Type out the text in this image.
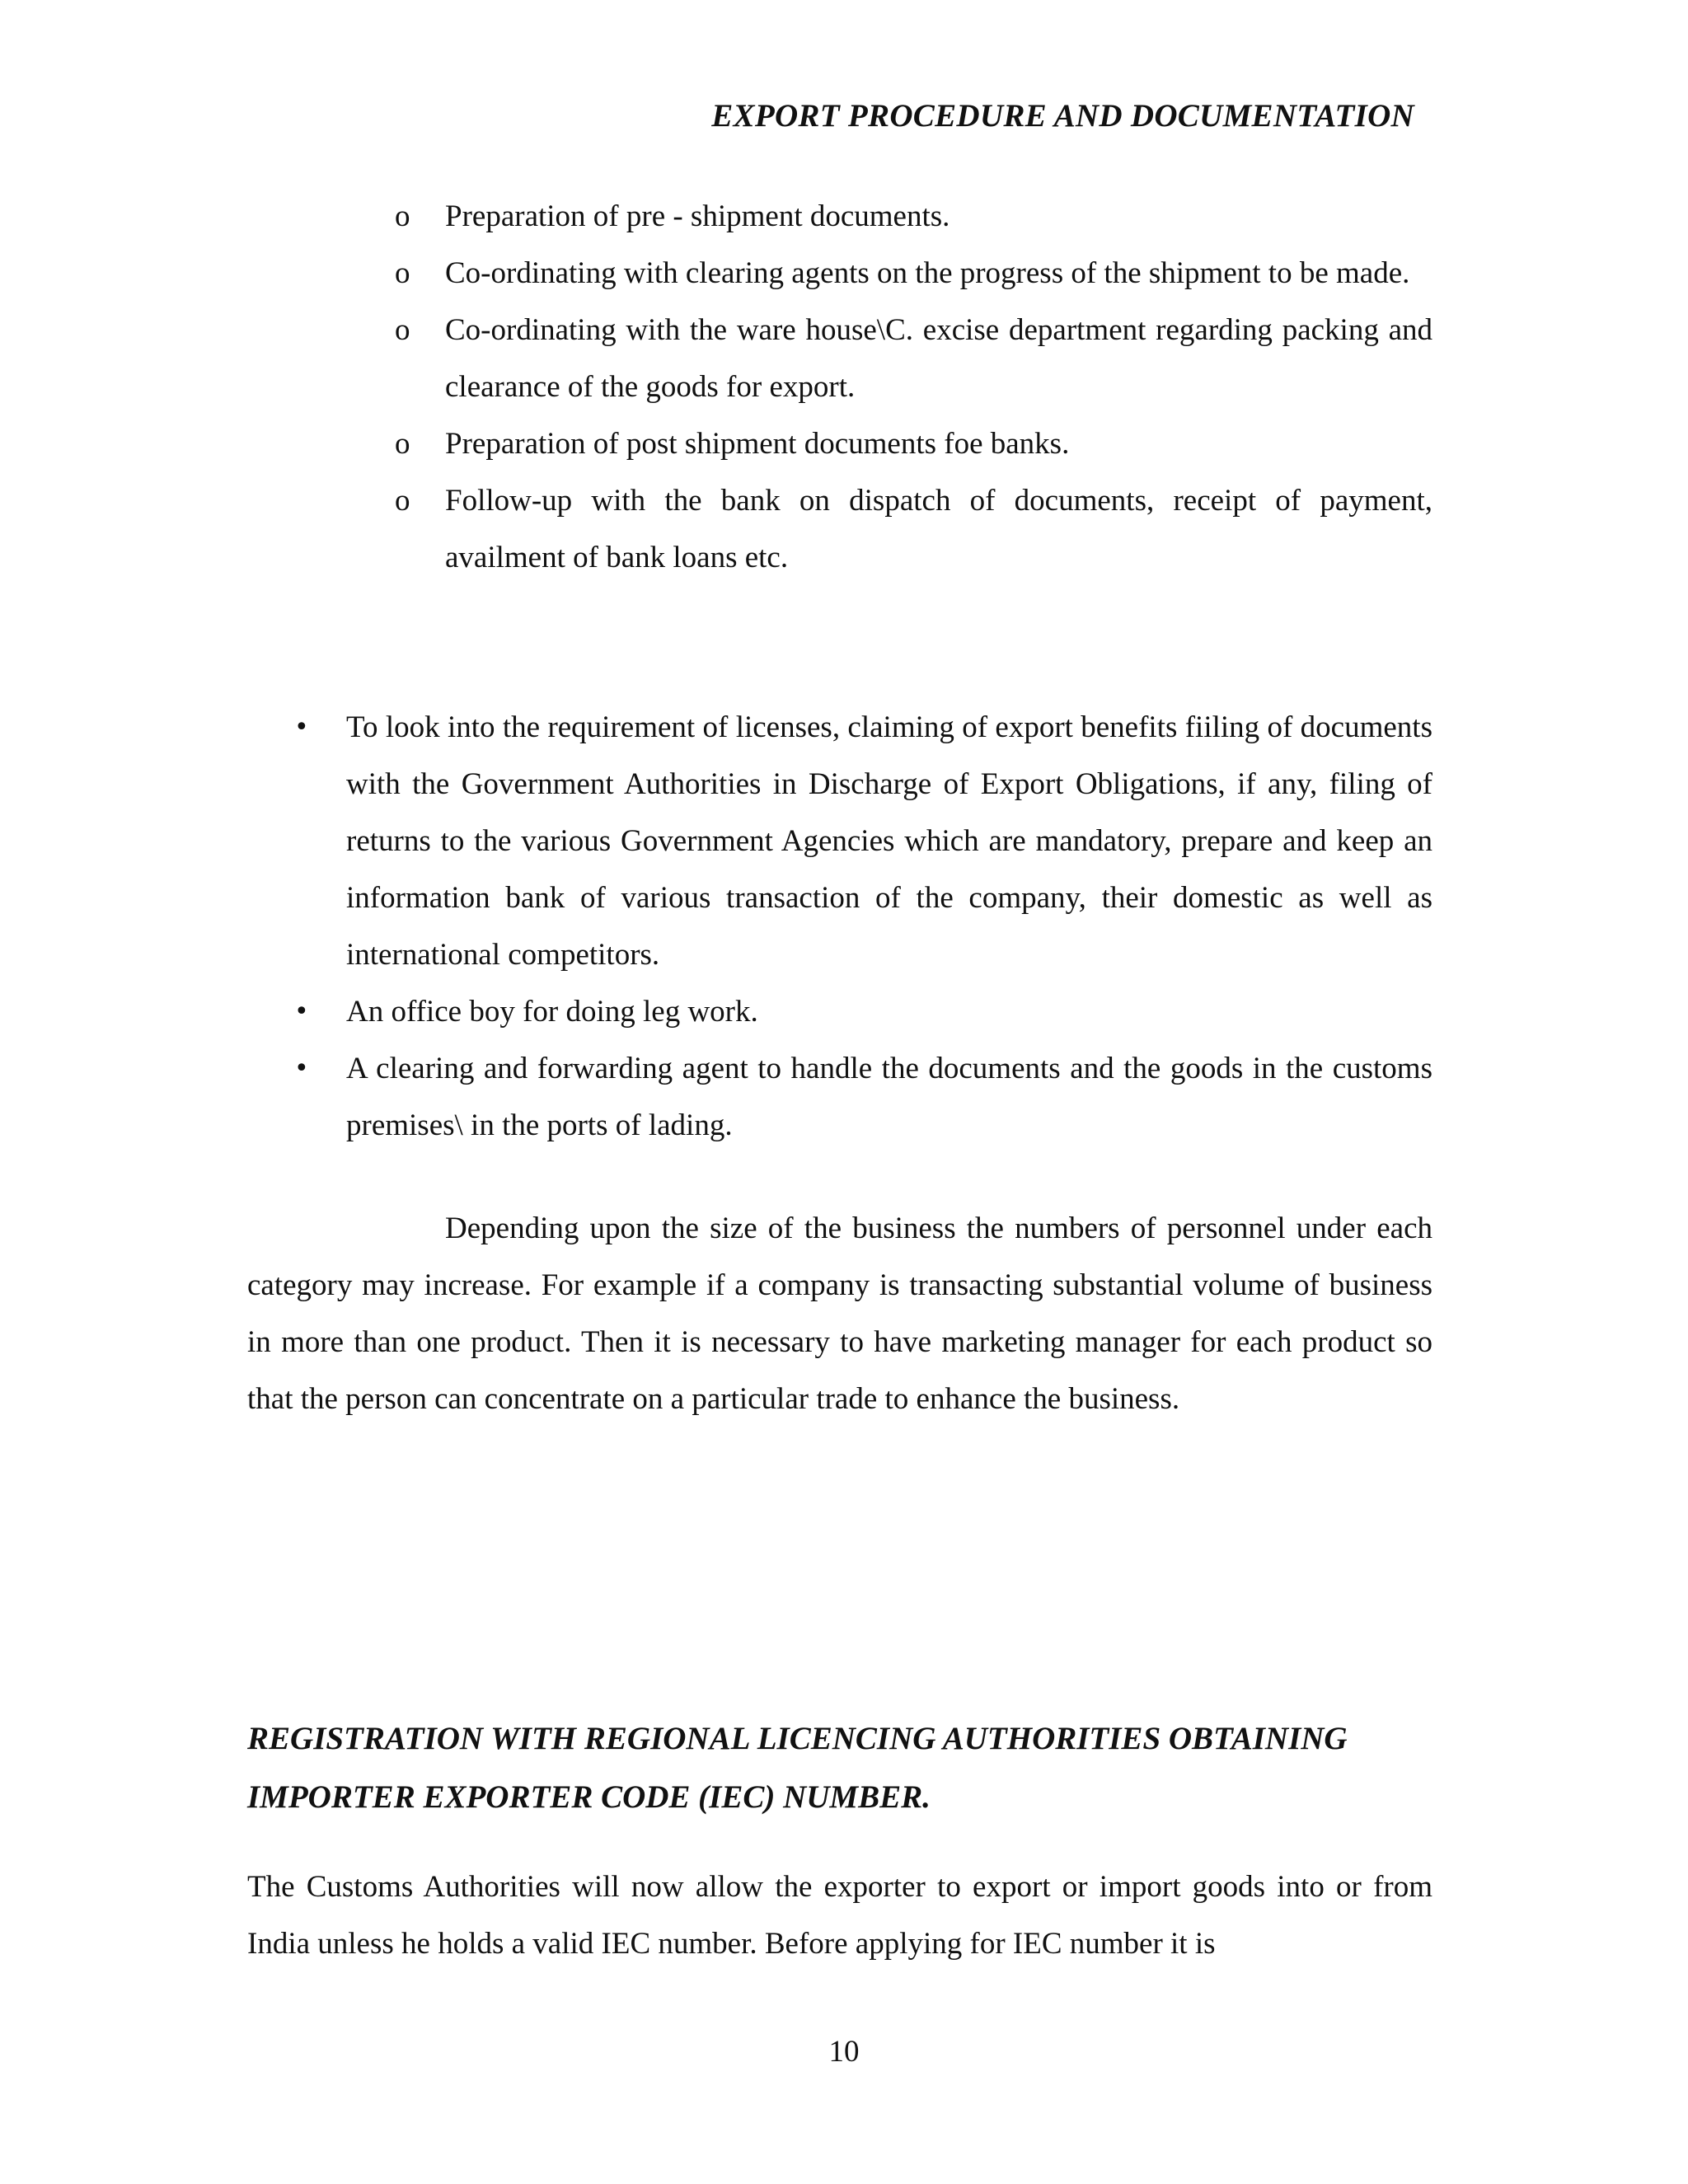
EXPORT PROCEDURE AND DOCUMENTATION
o Preparation of pre - shipment documents.
o Co-ordinating with clearing agents on the progress of the shipment to be made.
o Co-ordinating with the ware house\C. excise department regarding packing and clearance of the goods for export.
o Preparation of post shipment documents foe banks.
o Follow-up with the bank on dispatch of documents, receipt of payment, availment of bank loans etc.
• To look into the requirement of licenses, claiming of export benefits fiiling of documents with the Government Authorities in Discharge of Export Obligations, if any, filing of returns to the various Government Agencies which are mandatory, prepare and keep an information bank of various transaction of the company, their domestic as well as international competitors.
• An office boy for doing leg work.
• A clearing and forwarding agent to handle the documents and the goods in the customs premises\ in the ports of lading.

Depending upon the size of the business the numbers of personnel under each category may increase. For example if a company is transacting substantial volume of business in more than one product. Then it is necessary to have marketing manager for each product so that the person can concentrate on a particular trade to enhance the business.

REGISTRATION WITH REGIONAL LICENCING AUTHORITIES OBTAINING
IMPORTER EXPORTER CODE (IEC) NUMBER.

The Customs Authorities will now allow the exporter to export or import goods into or from India unless he holds a valid IEC number. Before applying for IEC number it is

10
